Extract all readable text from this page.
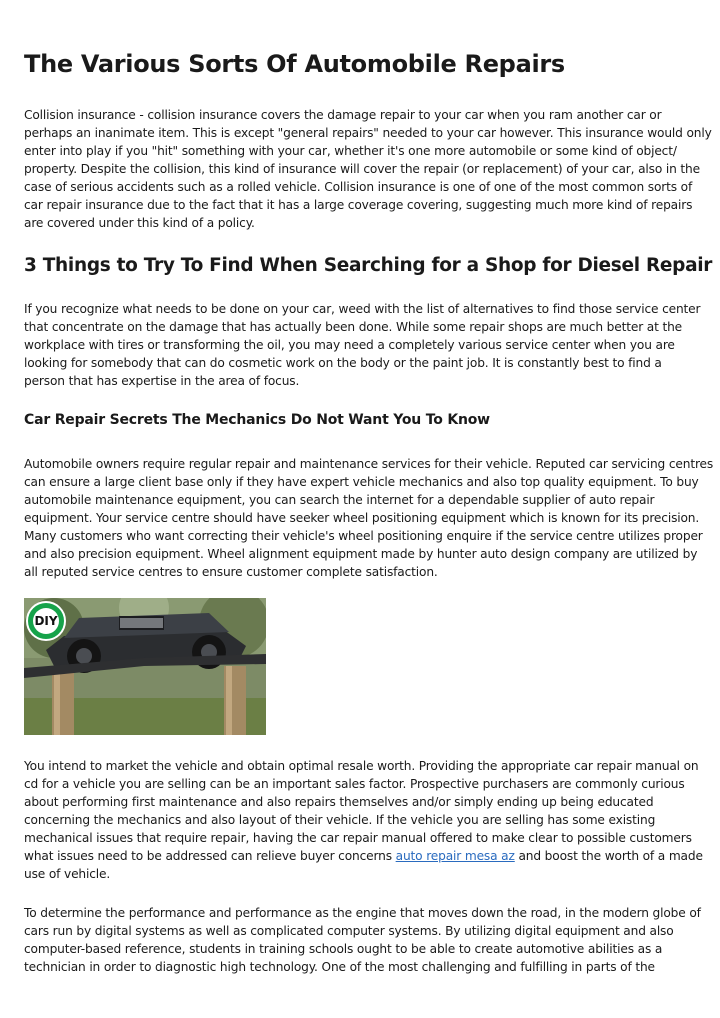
The Various Sorts Of Automobile Repairs

Collision insurance - collision insurance covers the damage repair to your car when you ram another car or
perhaps an inanimate item. This is except "general repairs" needed to your car however. This insurance would only
enter into play if you "hit" something with your car, whether it's one more automobile or some kind of object/
property. Despite the collision, this kind of insurance will cover the repair (or replacement) of your car, also in the
case of serious accidents such as a rolled vehicle. Collision insurance is one of one of the most common sorts of
car repair insurance due to the fact that it has a large coverage covering, suggesting much more kind of repairs
are covered under this kind of a policy.

3 Things to Try To Find When Searching for a Shop for Diesel Repair

If you recognize what needs to be done on your car, weed with the list of alternatives to find those service center
that concentrate on the damage that has actually been done. While some repair shops are much better at the
workplace with tires or transforming the oil, you may need a completely various service center when you are
looking for somebody that can do cosmetic work on the body or the paint job. It is constantly best to find a
person that has expertise in the area of focus.

Car Repair Secrets The Mechanics Do Not Want You To Know

Automobile owners require regular repair and maintenance services for their vehicle. Reputed car servicing centres
can ensure a large client base only if they have expert vehicle mechanics and also top quality equipment. To buy
automobile maintenance equipment, you can search the internet for a dependable supplier of auto repair
equipment. Your service centre should have seeker wheel positioning equipment which is known for its precision.
Many customers who want correcting their vehicle's wheel positioning enquire if the service centre utilizes proper
and also precision equipment. Wheel alignment equipment made by hunter auto design company are utilized by
all reputed service centres to ensure customer complete satisfaction.

DIY

You intend to market the vehicle and obtain optimal resale worth. Providing the appropriate car repair manual on
cd for a vehicle you are selling can be an important sales factor. Prospective purchasers are commonly curious
about performing first maintenance and also repairs themselves and/or simply ending up being educated
concerning the mechanics and also layout of their vehicle. If the vehicle you are selling has some existing
mechanical issues that require repair, having the car repair manual offered to make clear to possible customers
what issues need to be addressed can relieve buyer concerns auto repair mesa az and boost the worth of a made
use of vehicle.

To determine the performance and performance as the engine that moves down the road, in the modern globe of
cars run by digital systems as well as complicated computer systems. By utilizing digital equipment and also
computer-based reference, students in training schools ought to be able to create automotive abilities as a
technician in order to diagnostic high technology. One of the most challenging and fulfilling in parts of the
